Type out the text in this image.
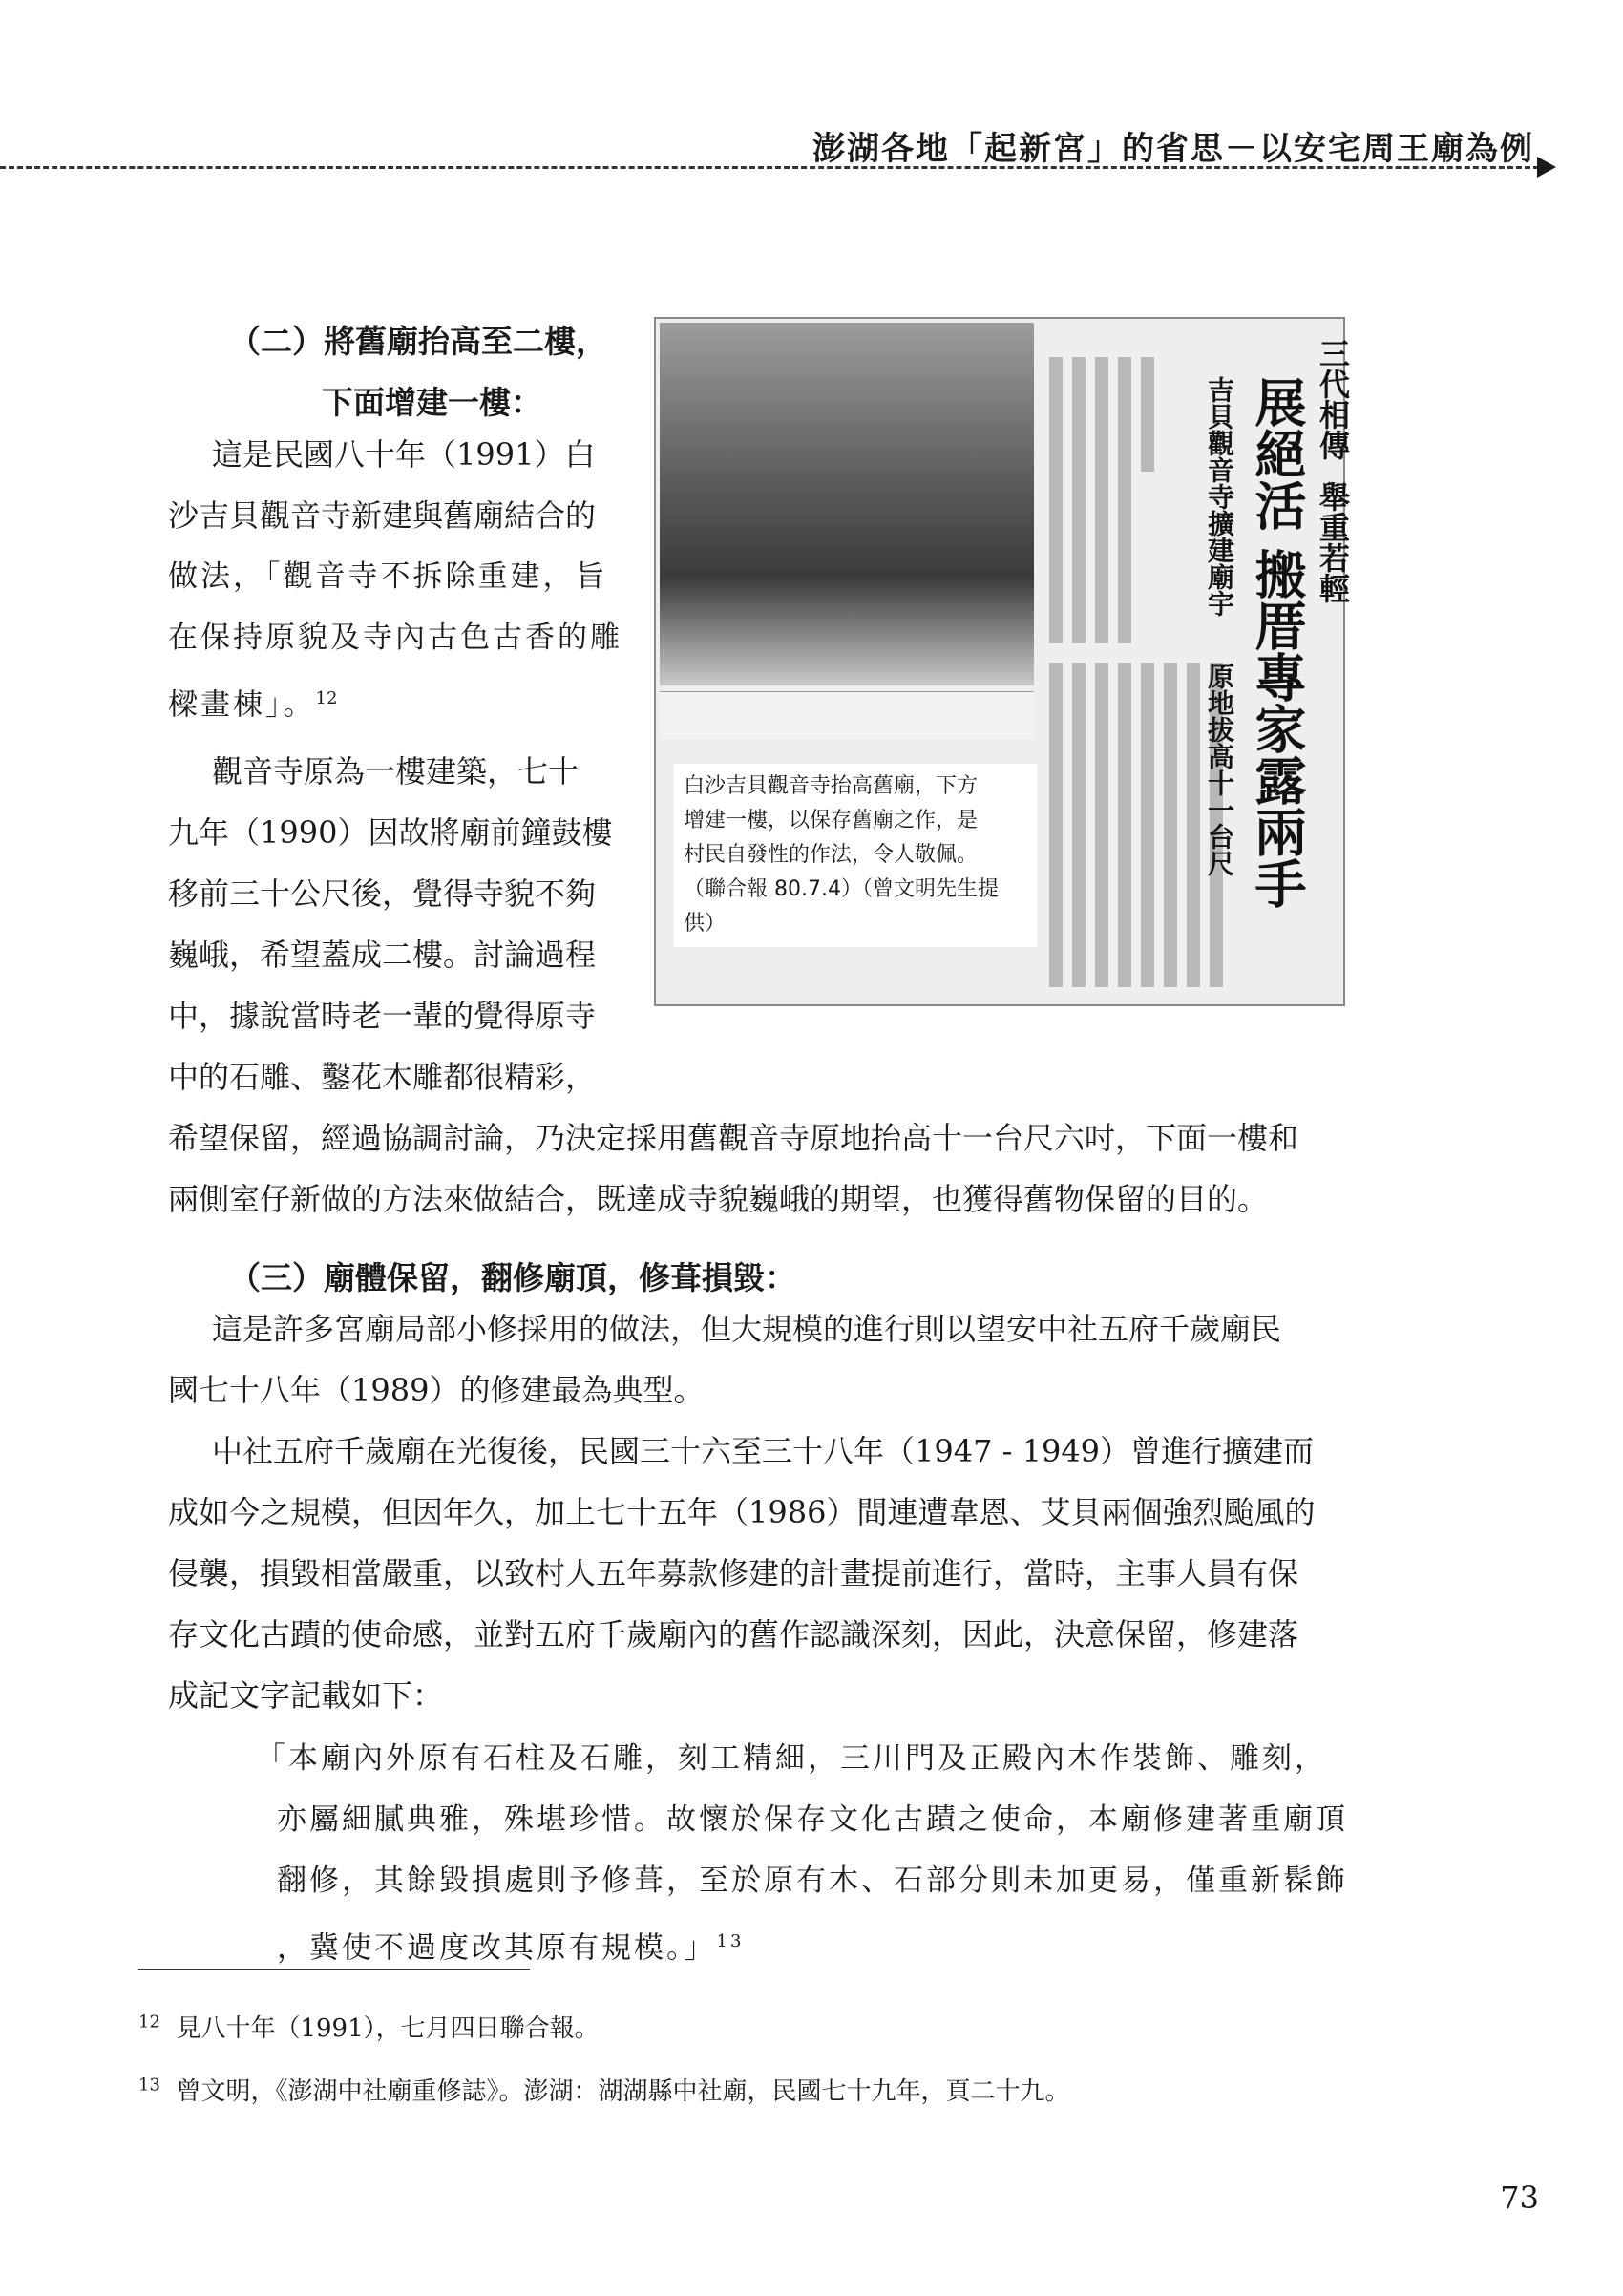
澎湖各地「起新宮」的省思－以安宅周王廟為例
（二）將舊廟抬高至二樓，
下面增建一樓：
這是民國八十年（1991）白
沙吉貝觀音寺新建與舊廟結合的
做法，「觀音寺不拆除重建，旨
在保持原貌及寺內古色古香的雕
樑畫棟」。$^{12}$
觀音寺原為一樓建築，七十
九年（1990）因故將廟前鐘鼓樓
移前三十公尺後，覺得寺貌不夠
巍峨，希望蓋成二樓。討論過程
中，據說當時老一輩的覺得原寺
中的石雕、鑿花木雕都很精彩，
希望保留，經過協調討論，乃決定採用舊觀音寺原地抬高十一台尺六吋，下面一樓和
兩側室仔新做的方法來做結合，既達成寺貌巍峨的期望，也獲得舊物保留的目的。
三代相傳
舉重若輕
展絕活
搬厝專家露兩手
吉貝觀音寺擴建廟宇
原地拔高十一台尺
白沙吉貝觀音寺抬高舊廟，下方
增建一樓，以保存舊廟之作，是
村民自發性的作法，令人敬佩。
（聯合報 80.7.4）（曾文明先生提
供）
（三）廟體保留，翻修廟頂，修葺損毀：
這是許多宮廟局部小修採用的做法，但大規模的進行則以望安中社五府千歲廟民
國七十八年（1989）的修建最為典型。
中社五府千歲廟在光復後，民國三十六至三十八年（1947 - 1949）曾進行擴建而
成如今之規模，但因年久，加上七十五年（1986）間連遭韋恩、艾貝兩個強烈颱風的
侵襲，損毀相當嚴重，以致村人五年募款修建的計畫提前進行，當時，主事人員有保
存文化古蹟的使命感，並對五府千歲廟內的舊作認識深刻，因此，決意保留，修建落
成記文字記載如下：
「本廟內外原有石柱及石雕，刻工精細，三川門及正殿內木作裝飾、雕刻，
亦屬細膩典雅，殊堪珍惜。故懷於保存文化古蹟之使命，本廟修建著重廟頂
翻修，其餘毀損處則予修葺，至於原有木、石部分則未加更易，僅重新髹飾
，冀使不過度改其原有規模。」$^{13}$
$^{12}$ 見八十年（1991），七月四日聯合報。
$^{13}$ 曾文明，《澎湖中社廟重修誌》。澎湖：湖湖縣中社廟，民國七十九年，頁二十九。
73
